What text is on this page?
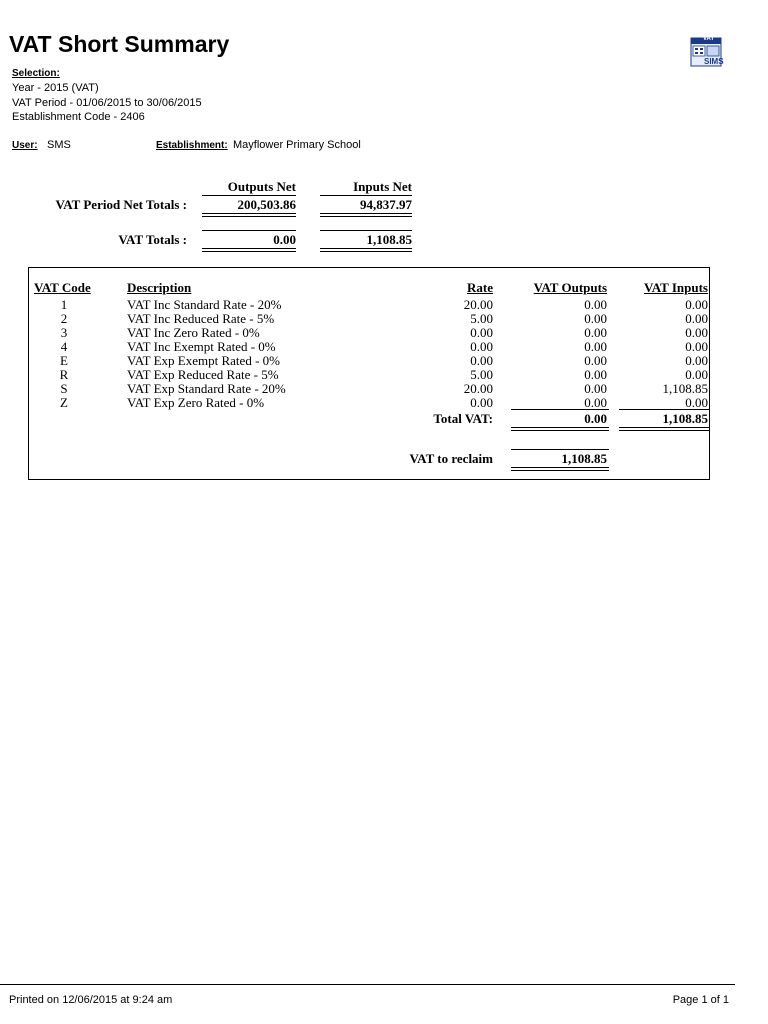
VAT Short Summary	VAT
SIMS
Selection:
Year - 2015 (VAT)
VAT Period - 01/06/2015 to 30/06/2015
Establishment Code - 2406
User: SMS	Establishment: Mayflower Primary School
Outputs Net	Inputs Net
VAT Period Net Totals :	200,503.86	94,837.97
VAT Totals :	0.00	1,108.85
VAT Code	Description	Rate	VAT Outputs	VAT Inputs
1	VAT Inc Standard Rate - 20%	20.00	0.00	0.00
2	VAT Inc Reduced Rate - 5%	5.00	0.00	0.00
3	VAT Inc Zero Rated - 0%	0.00	0.00	0.00
4	VAT Inc Exempt Rated - 0%	0.00	0.00	0.00
E	VAT Exp Exempt Rated - 0%	0.00	0.00	0.00
R	VAT Exp Reduced Rate - 5%	5.00	0.00	0.00
S	VAT Exp Standard Rate - 20%	20.00	0.00	1,108.85
Z	VAT Exp Zero Rated - 0%	0.00	0.00	0.00
Total VAT:	0.00	1,108.85
VAT to reclaim	1,108.85
Printed on 12/06/2015 at 9:24 am	Page 1 of 1
